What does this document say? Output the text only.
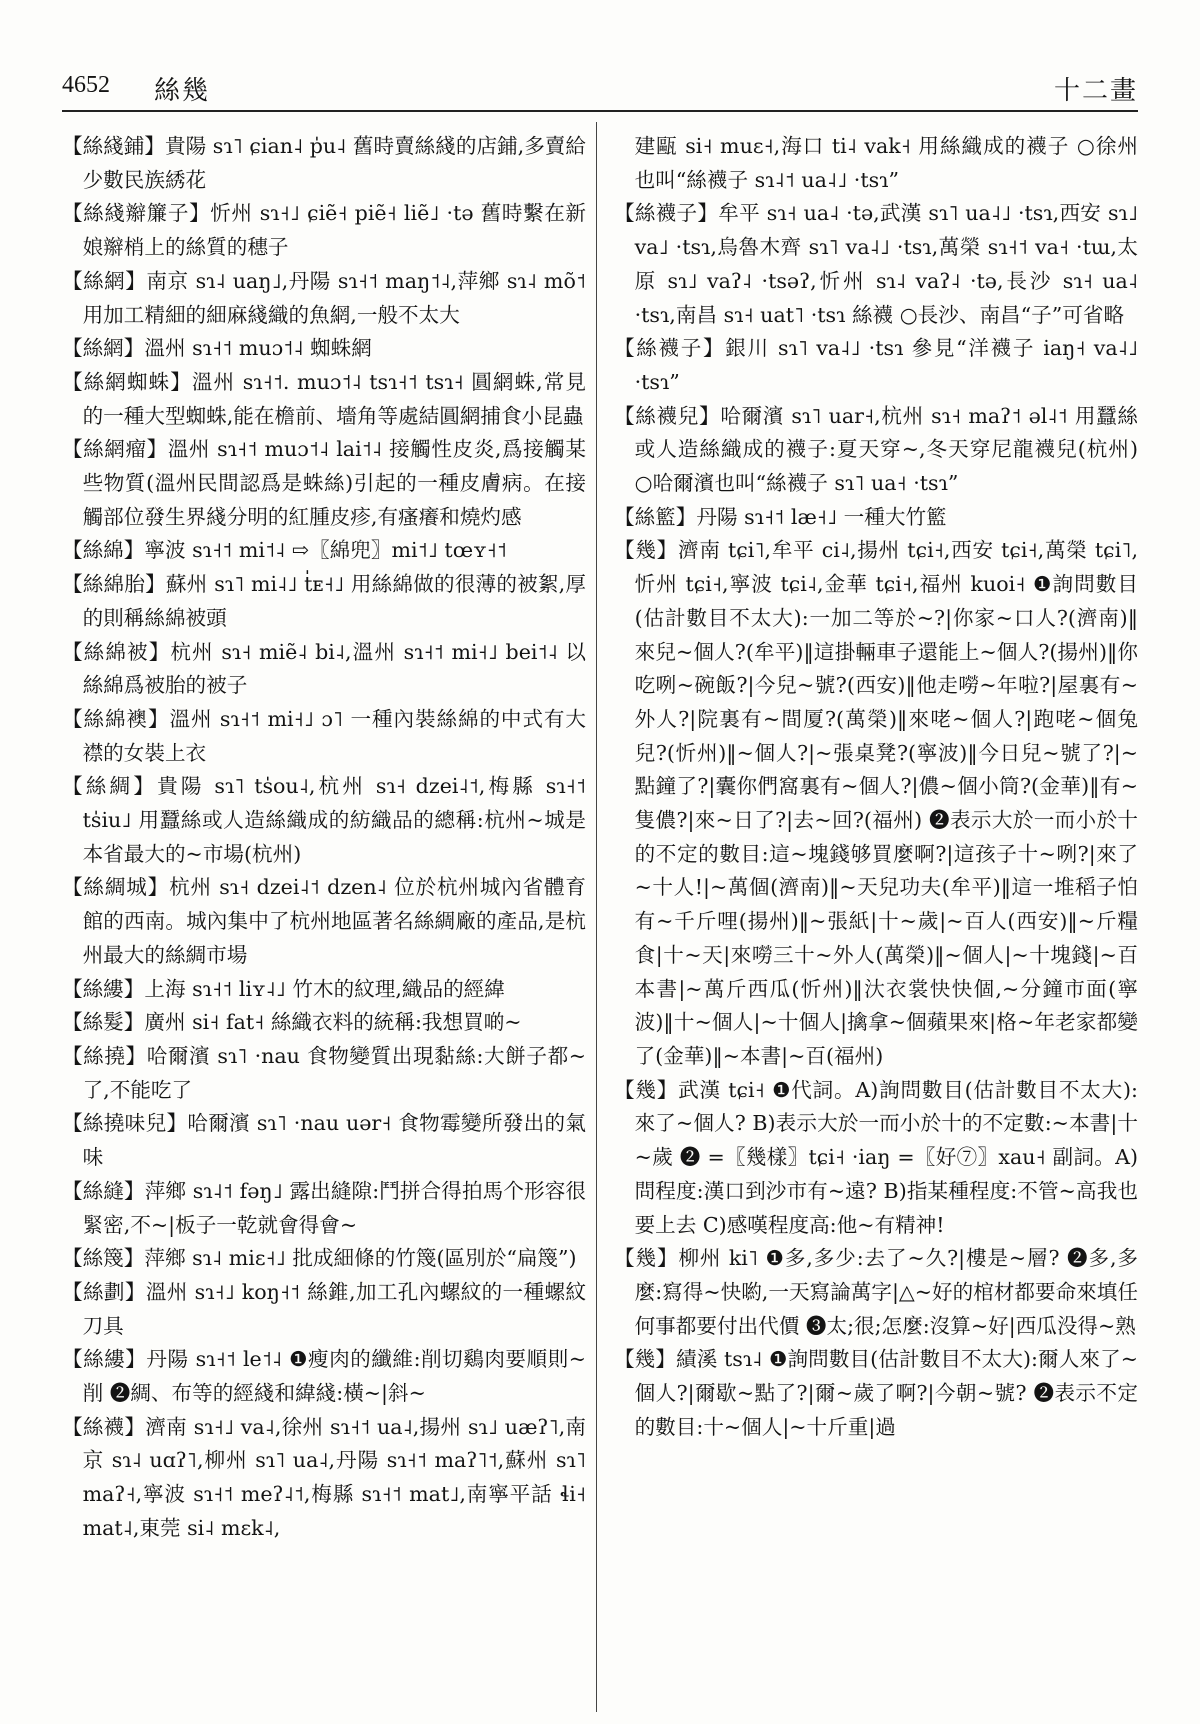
4652 絲幾	十二畫

【絲綫鋪】貴陽 sɿ˥ ɕian˨ p̍u˨ 舊時賣絲綫的店鋪,多賣給少數民族綉花

【絲綫辮簾子】忻州 sɿ˧˩ ɕiẽ˧ piẽ˧ liẽ˩ ·tə 舊時繫在新娘辮梢上的絲質的穗子

【絲網】南京 sɿ˨ uaŋ˩,丹陽 sɿ˧˦ maŋ˦˨,萍鄉 sɿ˨ mõ˦ 用加工精細的細麻綫織的魚網,一般不太大

【絲網】溫州 sɿ˧˦ muɔ˦˨ 蜘蛛網

【絲網蜘蛛】溫州 sɿ˧˦. muɔ˦˨ tsɿ˧˦ tsɿ˧ 圓網蛛,常見的一種大型蜘蛛,能在檐前、墻角等處結圓網捕食小昆蟲

【絲網瘤】溫州 sɿ˧˦ muɔ˦˨ lai˦˨ 接觸性皮炎,爲接觸某些物質(溫州民間認爲是蛛絲)引起的一種皮膚病。在接觸部位發生界綫分明的紅腫皮疹,有瘙癢和燒灼感

【絲綿】寧波 sɿ˧˦ mi˦˨ ⇨〖綿兜〗mi˦˩ tœʏ˧˦

【絲綿胎】蘇州 sɿ˥ mi˨˩ t̍ᴇ˧˩ 用絲綿做的很薄的被絮,厚的則稱絲綿被頭

【絲綿被】杭州 sɿ˧ miẽ˨ bi˨,溫州 sɿ˧˦ mi˧˩ bei˦˨ 以絲綿爲被胎的被子

【絲綿襖】溫州 sɿ˧˦ mi˧˩ ɔ˥ 一種內裝絲綿的中式有大襟的女裝上衣

【絲綢】貴陽 sɿ˥ ts̍ou˨,杭州 sɿ˧ dzei˨˦,梅縣 sɿ˧˦ ts̍iu˩ 用蠶絲或人造絲織成的紡織品的總稱:杭州~城是本省最大的~市場(杭州)

【絲綢城】杭州 sɿ˧ dzei˨˦ dzen˨ 位於杭州城內省體育館的西南。城內集中了杭州地區著名絲綢廠的產品,是杭州最大的絲綢市場

【絲縷】上海 sɿ˧˦ liʏ˨˩ 竹木的紋理,織品的經緯

【絲髮】廣州 si˧ fat˧ 絲織衣料的統稱:我想買啲~

【絲撓】哈爾濱 sɿ˥ ·nau 食物變質出現黏絲:大餅子都~了,不能吃了

【絲撓味兒】哈爾濱 sɿ˥ ·nau uər˧ 食物霉變所發出的氣味

【絲縫】萍鄉 sɿ˨˦ fəŋ˩ 露出縫隙:鬥拼合得拍馬个形容很緊密,不~|板子一乾就會得會~

【絲篾】萍鄉 sɿ˨ miɛ˧˩ 批成細條的竹篾(區別於“扁篾”)

【絲劃】溫州 sɿ˧˩ koŋ˧˦ 絲錐,加工孔內螺紋的一種螺紋刀具

【絲縷】丹陽 sɿ˧˦ le˦˨ ❶瘦肉的纖維:削切鷄肉要順則~削 ❷綢、布等的經綫和緯綫:橫~|斜~

【絲襪】濟南 sɿ˧˩ va˨,徐州 sɿ˧˦ ua˨,揚州 sɿ˩ uæʔ˥,南京 sɿ˨ uɑʔ˥,柳州 sɿ˥ ua˨,丹陽 sɿ˧˦ maʔ˥˦,蘇州 sɿ˥ maʔ˧,寧波 sɿ˧˦ meʔ˨˦,梅縣 sɿ˧˦ mat˩,南寧平話 ɬi˧ mat˨,東莞 si˨ mɛk˨,

建甌 si˧ muɛ˧,海口 ti˨ vak˧ 用絲織成的襪子 ○徐州也叫“絲襪子 sɿ˨˦ ua˨˩ ·tsɿ”

【絲襪子】牟平 sɿ˧ ua˨ ·tə,武漢 sɿ˥ ua˨˩ ·tsɿ,西安 sɿ˩ va˩ ·tsɿ,烏魯木齊 sɿ˥ va˨˩ ·tsɿ,萬榮 sɿ˧˦ va˧ ·tɯ,太原 sɿ˩ vaʔ˨ ·tsəʔ,忻州 sɿ˨ vaʔ˨ ·tə,長沙 sɿ˧ ua˨ ·tsɿ,南昌 sɿ˧ uat˥ ·tsɿ 絲襪 ○長沙、南昌“子”可省略

【絲襪子】銀川 sɿ˥ va˨˩ ·tsɿ 參見“洋襪子 iaŋ˧ va˨˩ ·tsɿ”

【絲襪兒】哈爾濱 sɿ˥ uar˧,杭州 sɿ˧ maʔ˦ əl˨˦ 用蠶絲或人造絲織成的襪子:夏天穿~,冬天穿尼龍襪兒(杭州) ○哈爾濱也叫“絲襪子 sɿ˥ ua˧ ·tsɿ”

【絲籃】丹陽 sɿ˧˦ læ˧˩ 一種大竹籃

【幾】濟南 tɕi˥,牟平 ci˨,揚州 tɕi˧,西安 tɕi˧,萬榮 tɕi˥,忻州 tɕi˧,寧波 tɕi˨,金華 tɕi˧,福州 kuoi˧ ❶詢問數目(估計數目不太大):一加二等於~?|你家~口人?(濟南)‖來兒~個人?(牟平)‖這掛輛車子還能上~個人?(揚州)‖你吃咧~碗飯?|今兒~號?(西安)‖他走嘮~年啦?|屋裏有~外人?|院裏有~間厦?(萬榮)‖來咾~個人?|跑咾~個兔兒?(忻州)‖~個人?|~張桌凳?(寧波)‖今日兒~號了?|~點鐘了?|囊你們窩裏有~個人?|儂~個小筒?(金華)‖有~隻儂?|來~日了?|去~回?(福州) ❷表示大於一而小於十的不定的數目:這~塊錢够買麼啊?|這孩子十~咧?|來了~十人!|~萬個(濟南)‖~天兒功夫(牟平)‖這一堆稻子怕有~千斤哩(揚州)‖~張紙|十~歲|~百人(西安)‖~斤糧食|十~天|來嘮三十~外人(萬榮)‖~個人|~十塊錢|~百本書|~萬斤西瓜(忻州)‖汏衣裳快快個,~分鐘市面(寧波)‖十~個人|~十個人|擒拿~個蘋果來|格~年老家都變了(金華)‖~本書|~百(福州)

【幾】武漢 tɕi˧ ❶代詞。A)詢問數目(估計數目不太大):來了~個人? B)表示大於一而小於十的不定數:~本書|十~歲 ❷ =〖幾樣〗tɕi˧ ·iaŋ =〖好⑦〗xau˧ 副詞。A)問程度:漢口到沙市有~遠? B)指某種程度:不管~高我也要上去 C)感嘆程度高:他~有精神!

【幾】柳州 ki˥ ❶多,多少:去了~久?|樓是~層? ❷多,多麼:寫得~快喲,一天寫論萬字|△~好的棺材都要命來填任何事都要付出代價 ❸太;很;怎麼:沒算~好|西瓜没得~熟

【幾】績溪 tsɿ˨ ❶詢問數目(估計數目不太大):爾人來了~個人?|爾歇~點了?|爾~歲了啊?|今朝~號? ❷表示不定的數目:十~個人|~十斤重|過
